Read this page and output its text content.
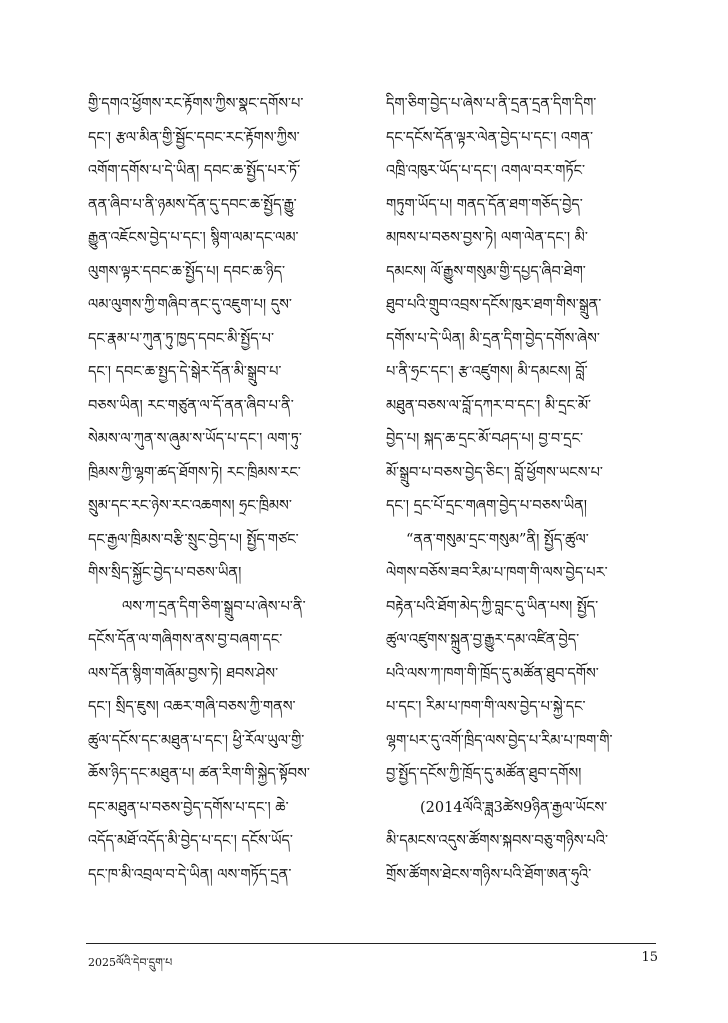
གྱི་དགའ་ཕྱོགས་རང་རྟོགས་ཀྱིས་སྣང་དགོས་པ་
དང་། རྩལ་མིན་གྱི་སྦྱོང་དབང་རང་རྟོགས་ཀྱིས་
འགོག་དགོས་པ་དེ་ཡིན། དབང་ཆ་སྤྱོད་པར་ཏོ་
ནན་ཞིབ་པ་ནི་ཉམས་དོན་དུ་དབང་ཆ་སྤྱོད་རྒྱུ་
རྒྱུན་འཇོངས་བྱེད་པ་དང་། སྙིག་ལམ་དང་ལམ་
ལུགས་ལྟར་དབང་ཆ་སྤྱོད་པ། དབང་ཆ་ཉིད་
ལམ་ལུགས་ཀྱི་གཞིབ་ནང་དུ་འཇུག་པ། དུས་
དང་རྣམ་པ་ཀུན་ཏུ་ཁྱད་དབང་མི་སྤྱོད་པ་
དང་། དབང་ཆ་སྤྱད་དེ་སྒེར་དོན་མི་སྒྲུབ་པ་
བཅས་ཡིན། རང་གཙུན་ལ་དོ་ནན་ཞིབ་པ་ནི་
སེམས་ལ་ཀུན་ས་ཞུམ་ས་ཡོད་པ་དང་། ལག་ཏུ་
ཁྲིམས་ཀྱི་ལྷག་ཚད་ཐོགས་ཏེ། རང་ཁྲིམས་རང་
སྲུམ་དང་རང་ཉེས་རང་འཆགས། ཧྲང་ཁྲིམས་
དང་རྒྱལ་ཁྲིམས་བརྩི་སྲུང་བྱེད་པ། སྤྱོད་གཙང་
གིས་སྲིད་སྐྱོང་བྱེད་པ་བཅས་ཡིན།
ལས་ཀ་དྲན་དིག་ཅིག་སྒྲུབ་པ་ཞེས་པ་ནི་
དངོས་དོན་ལ་གཞིགས་ནས་བྱ་བཞག་དང་
ལས་དོན་སྙིག་གཞོམ་བྱས་ཏེ། ཐབས་ཤེས་
དང་། སྲིད་ཇུས། འཆར་གཞི་བཅས་ཀྱི་གནས་
ཚུལ་དངོས་དང་མཐུན་པ་དང་། ཕྱི་རོལ་ཡུལ་གྱི་
ཆོས་ཉིད་དང་མཐུན་པ། ཚན་རིག་གི་སྐྱེད་སྟོབས་
དང་མཐུན་པ་བཅས་བྱེད་དགོས་པ་དང་། ཆེ་
འདོད་མཐོ་འདོད་མི་བྱེད་པ་དང་། དངོས་ཡོད་
དང་ཁ་མི་འབྲལ་བ་དེ་ཡིན། ལས་གཏོད་དྲན་
དིག་ཅིག་བྱེད་པ་ཞེས་པ་ནི་དྲན་དྲན་དིག་དིག་
དང་དངོས་དོན་ལྟར་ལེན་བྱེད་པ་དང་། འགན་
འཁྲི་འཁུར་ཡོད་པ་དང་། འགལ་བར་གཏོང་
གཏུག་ཡོད་པ། གནད་དོན་ཐག་གཅོད་བྱེད་
མཁས་པ་བཅས་བྱས་ཏེ། ལག་ལེན་དང་། མི་
དམངས། ལོ་རྒྱུས་གསུམ་གྱི་དཔྱད་ཞིབ་ཐེག་
ཐུབ་པའི་གྲུབ་འབྲས་དངོས་ཁུར་ཐག་གིས་སྒྲུན་
དགོས་པ་དེ་ཡིན། མི་དྲན་དིག་བྱེད་དགོས་ཞེས་
པ་ནི་ཧྲང་དང་། རྩ་འཛུགས། མི་དམངས། བློ་
མཐུན་བཅས་ལ་བློ་དཀར་བ་དང་། མི་དྲང་མོ་
བྱེད་པ། སྐད་ཆ་དྲང་མོ་བཤད་པ། བྱ་བ་དྲང་
མོ་སྒྲུབ་པ་བཅས་བྱེད་ཅིང་། བློ་ཕྱོགས་ཡངས་པ་
དང་། དྲང་པོ་དྲང་གཞག་བྱེད་པ་བཅས་ཡིན།
“ནན་གསུམ་དྲང་གསུམ”ནི། སྤྱོད་ཚུལ་
ལེགས་བཅོས་ཟབ་རིམ་པ་ཁག་གི་ལས་བྱེད་པར་
བརྟེན་པའི་ཐོག་མེད་ཀྱི་བླང་དུ་ཡིན་པས། སྤྱོད་
ཚུལ་འཛུགས་སྐྲུན་བྱ་རྒྱུར་དམ་འཛིན་བྱེད་
པའི་ལས་ཀ་ཁག་གི་ཁྲོད་དུ་མཚོན་ཐུབ་དགོས་
པ་དང་། རིམ་པ་ཁག་གི་ལས་བྱེད་པ་སྐྱེ་དང་
ལྷག་པར་དུ་འགོ་ཁྲིད་ལས་བྱེད་པ་རིམ་པ་ཁག་གི་
བྱ་སྤྱོད་དངོས་ཀྱི་ཁྲོད་དུ་མཚོན་ཐུབ་དགོས།
(2014ལོའི་ཟླ3ཚེས9ཉིན་རྒྱལ་ཡོངས་
མི་དམངས་འདུས་ཚོགས་སྐབས་བཅུ་གཉིས་པའི་
གྲོས་ཚོགས་ཐེངས་གཉིས་པའི་ཐོག་ཨན་ཧུའི་
2025ལོའི་དེབ་དྲུག་པ	15
